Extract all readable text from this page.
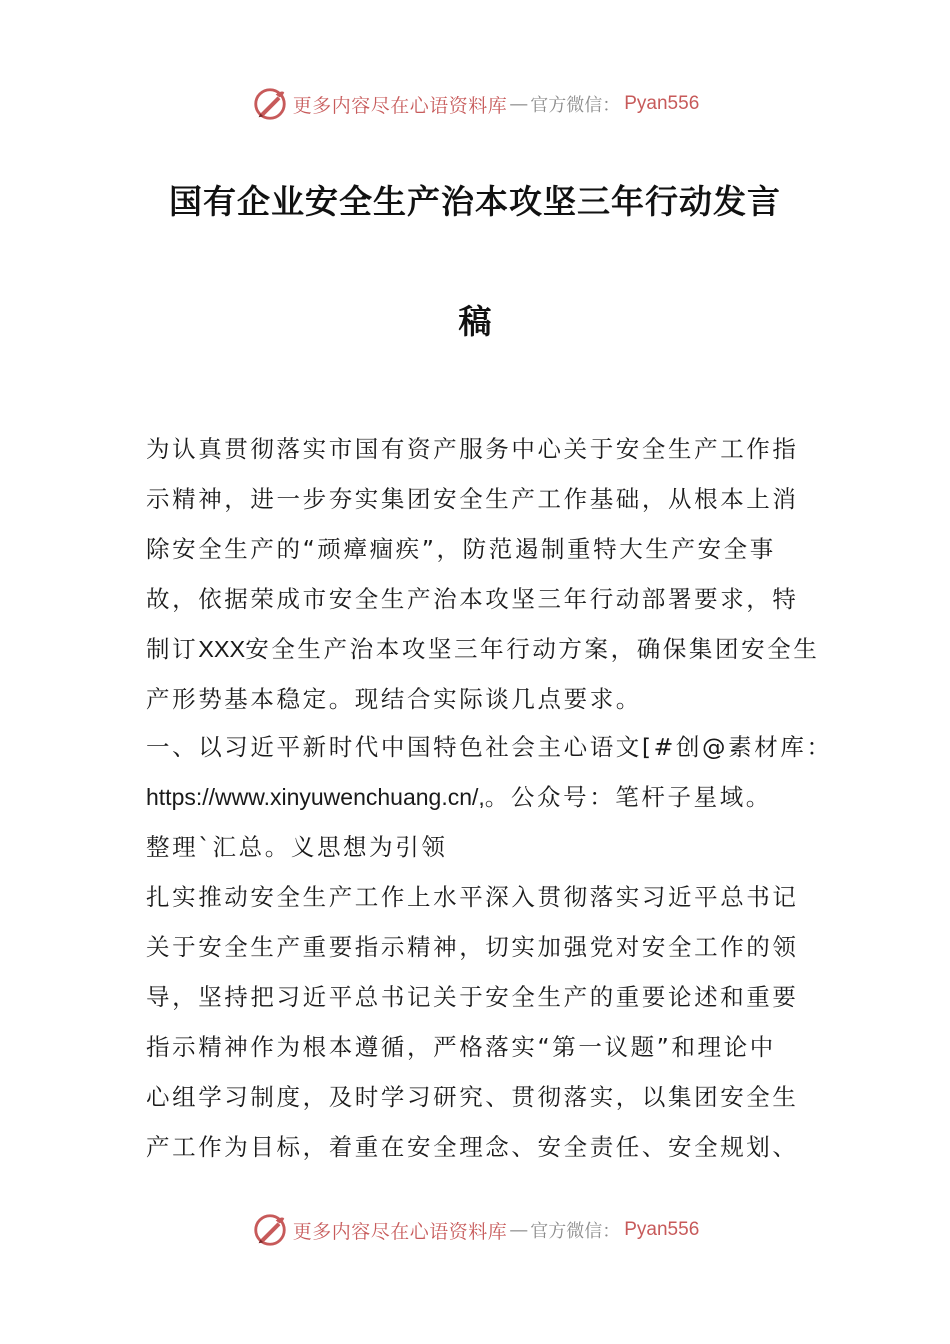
更多内容尽在心语资料库 — 官方微信： Pyan556
国有企业安全生产治本攻坚三年行动发言
稿
为认真贯彻落实市国有资产服务中心关于安全生产工作指
示精神，进一步夯实集团安全生产工作基础，从根本上消
除安全生产的“顽瘴痼疾”，防范遏制重特大生产安全事
故，依据荣成市安全生产治本攻坚三年行动部署要求，特
制订XXX安全生产治本攻坚三年行动方案，确保集团安全生
产形势基本稳定。现结合实际谈几点要求。
一、以习近平新时代中国特色社会主心语文[#创@素材库：
https://www.xinyuwenchuang.cn/,。公众号：笔杆子星域。
整理`汇总。义思想为引领
扎实推动安全生产工作上水平深入贯彻落实习近平总书记
关于安全生产重要指示精神，切实加强党对安全工作的领
导，坚持把习近平总书记关于安全生产的重要论述和重要
指示精神作为根本遵循，严格落实“第一议题”和理论中
心组学习制度，及时学习研究、贯彻落实，以集团安全生
产工作为目标，着重在安全理念、安全责任、安全规划、
更多内容尽在心语资料库 — 官方微信： Pyan556
